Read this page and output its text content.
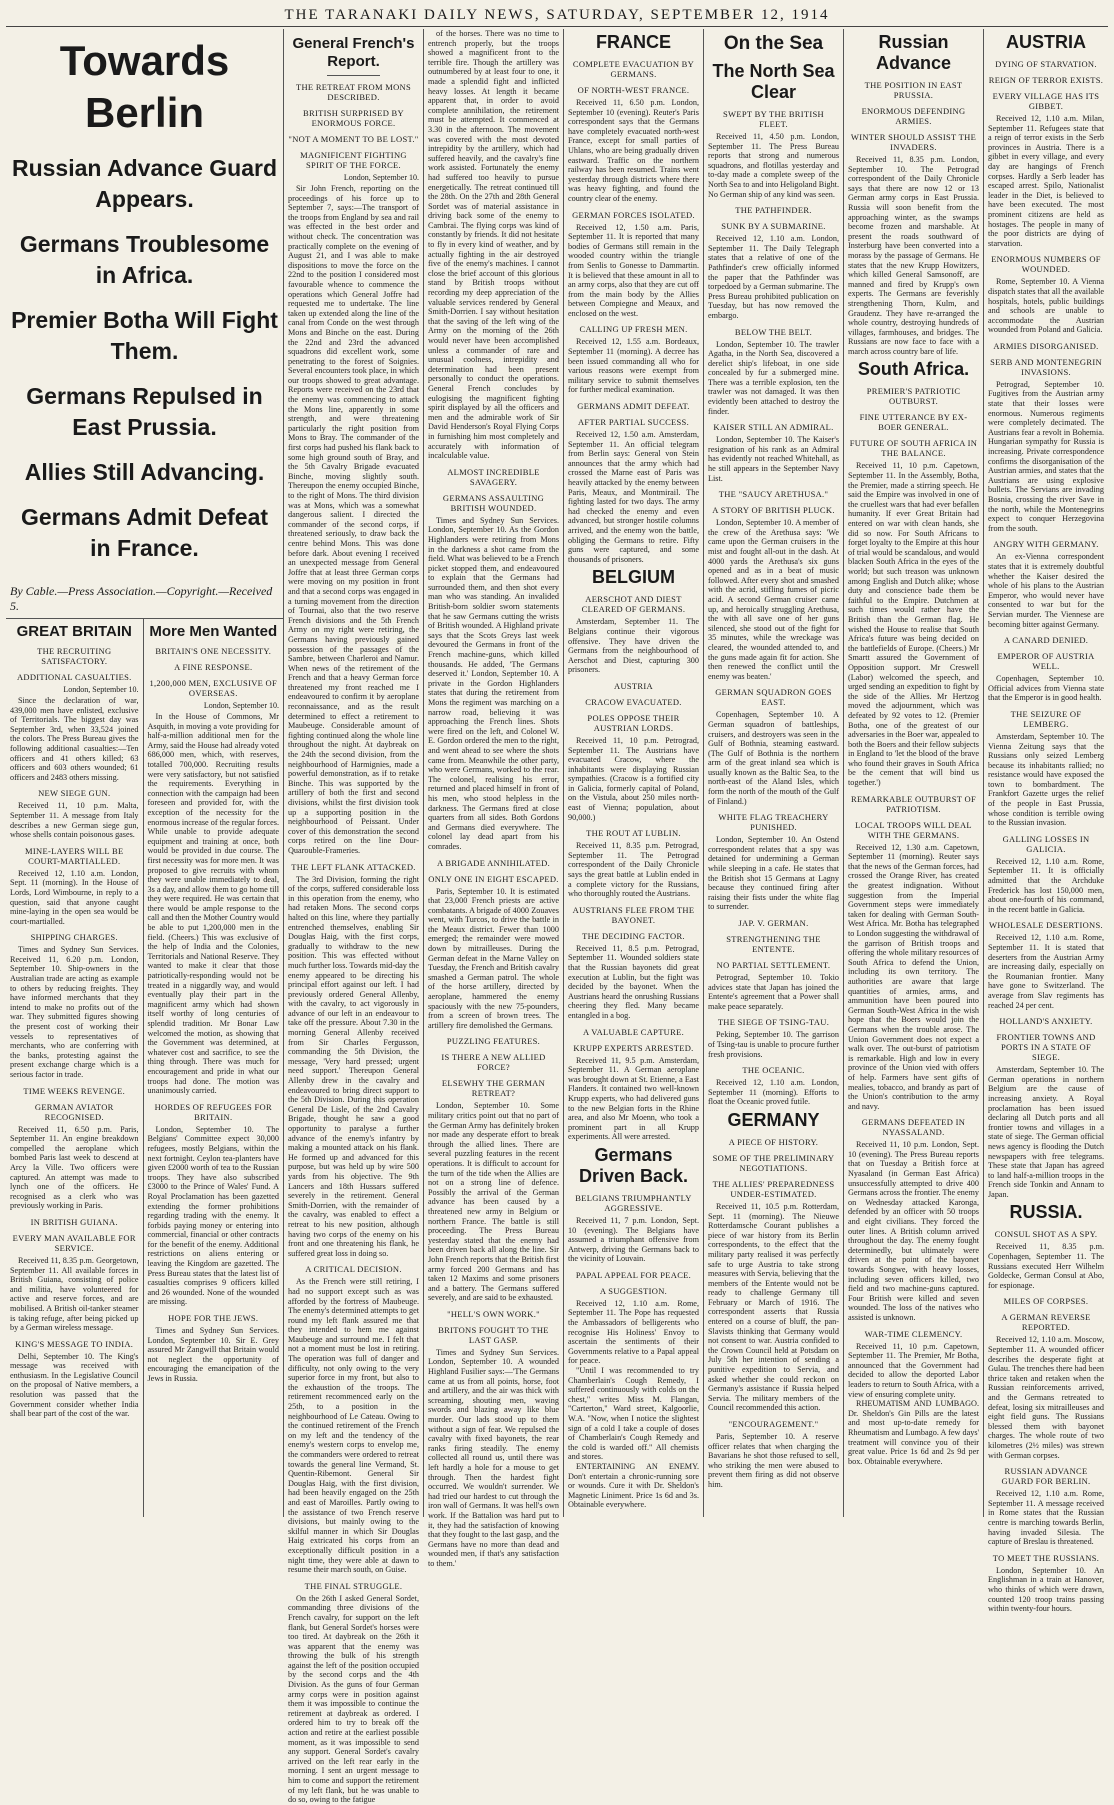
THE TARANAKI DAILY NEWS, SATURDAY, SEPTEMBER 12, 1914
Towards Berlin
Russian Advance Guard Appears.
Germans Troublesome in Africa.
Premier Botha Will Fight Them.
Germans Repulsed in East Prussia.
Allies Still Advancing.
Germans Admit Defeat in France.
By Cable.—Press Association.—Copyright.—Received 5.
GREAT BRITAIN
THE RECRUITING SATISFACTORY.
ADDITIONAL CASUALTIES.
London, September 10.

Since the declaration of war, 439,000 men have enlisted, exclusive of Territorials. The biggest day was September 3rd, when 33,524 joined the colors. The Press Bureau gives the following additional casualties:—Ten officers and 41 others killed; 63 officers and 603 others wounded; 61 officers and 2483 others missing.

NEW SIEGE GUN.

Received 11, 10 p.m. Malta, September 11. A message from Italy describes a new German siege gun, whose shells contain poisonous gases.

MINE-LAYERS WILL BE COURT-MARTIALLED.

Received 12, 1.10 a.m. London, Sept. 11 (morning). In the House of Lords, Lord Wimbourne, in reply to a question, said that anyone caught mine-laying in the open sea would be court-martialled.

SHIPPING CHARGES.

Times and Sydney Sun Services. Received 11, 6.20 p.m. London, September 10. Ship-owners in the Australian trade are acting as example to others by reducing freights. They have informed merchants that they intend to make no profits out of the war. They submitted figures showing the present cost of working their vessels to representatives of merchants, who are conferring with the banks, protesting against the present exchange charge which is a serious factor in trade.

TIME WEEKS REVENGE.
GERMAN AVIATOR RECOGNISED.

Received 11, 6.50 p.m. Paris, September 11. An engine breakdown compelled the aeroplane which bombed Paris last week to descend at Arcy la Ville. Two officers were captured. An attempt was made to lynch one of the officers. He recognised as a clerk who was previously working in Paris.

IN BRITISH GUIANA.
EVERY MAN AVAILABLE FOR SERVICE.

Received 11, 8.35 p.m. Georgetown, September 11. All available forces in British Guiana, consisting of police and militia, have volunteered for active and reserve forces, and are mobilised. A British oil-tanker steamer is taking refuge, after being picked up by a German wireless message.

KING'S MESSAGE TO INDIA.

Delhi, September 10. The King's message was received with enthusiasm. In the Legislative Council on the proposal of Native members, a resolution was passed that the Government consider whether India shall bear part of the cost of the war.

More Men Wanted
BRITAIN'S ONE NECESSITY.
A FINE RESPONSE.
1,200,000 MEN, EXCLUSIVE OF OVERSEAS.
London, September 10.

In the House of Commons, Mr Asquith, in moving a vote providing for half-a-million additional men for the Army, said the House had already voted 686,000 men, which, with reserves, totalled 700,000. Recruiting results were very satisfactory, but not satisfied the requirements. Everything in connection with the campaign had been foreseen and provided for, with the exception of the necessity for the enormous increase of the regular forces. While unable to provide adequate equipment and training at once, both would be provided in due course. The first necessity was for more men. It was proposed to give recruits with whom they were unable immediately to deal, 3s a day, and allow them to go home till they were required. He was certain that there would be ample response to the call and then the Mother Country would be able to put 1,200,000 men in the field. (Cheers.) This was exclusive of the help of India and the Colonies, Territorials and National Reserve. They wanted to make it clear that those patriotically-responding would not be treated in a niggardly way, and would eventually play their part in the magnificent army which had shown itself worthy of long centuries of splendid tradition. Mr Bonar Law welcomed the motion, as showing that the Government was determined, at whatever cost and sacrifice, to see the thing through. There was much for encouragement and pride in what our troops had done. The motion was unanimously carried.

HORDES OF REFUGEES FOR BRITAIN.

London, September 10. The Belgians' Committee expect 30,000 refugees, mostly Belgians, within the next fortnight. Ceylon tea-planters have given £2000 worth of tea to the Russian troops. They have also subscribed £3000 to the Prince of Wales' Fund. A Royal Proclamation has been gazetted extending the former prohibitions regarding trading with the enemy. It forbids paying money or entering into commercial, financial or other contracts for the benefit of the enemy. Additional restrictions on aliens entering or leaving the Kingdom are gazetted. The Press Bureau states that the latest list of casualties comprises 9 officers killed and 26 wounded. None of the wounded are missing.

HOPE FOR THE JEWS.

Times and Sydney Sun Services. London, September 10. Sir E. Grey assured Mr Zangwill that Britain would not neglect the opportunity of encouraging the emancipation of the Jews in Russia.

General French's Report.
THE RETREAT FROM MONS DESCRIBED.
BRITISH SURPRISED BY ENORMOUS FORCE.
"NOT A MOMENT TO BE LOST."
MAGNIFICENT FIGHTING SPIRIT OF THE FORCE.
London, September 10.

Sir John French, reporting on the proceedings of his force up to September 7, says:—The transport of the troops from England by sea and rail was effected in the best order and without check. The concentration was practically complete on the evening of August 21, and I was able to make dispositions to move the force on the 22nd to the position I considered most favourable whence to commence the operations which General Joffre had requested me to undertake. The line taken up extended along the line of the canal from Conde on the west through Mons and Binche on the east. During the 22nd and 23rd the advanced squadrons did excellent work, some penetrating to the forest of Soignies. Several encounters took place, in which our troops showed to great advantage. Reports were received on the 23rd that the enemy was commencing to attack the Mons line, apparently in some strength, and were threatening particularly the right position from Mons to Bray. The commander of the first corps had pushed his flank back to some high ground south of Bray, and the 5th Cavalry Brigade evacuated Binche, moving slightly south. Thereupon the enemy occupied Binche, to the right of Mons. The third division was at Mons, which was a somewhat dangerous salient. I directed the commander of the second corps, if threatened seriously, to draw back the centre behind Mons. This was done before dark. About evening I received an unexpected message from General Joffre that at least three German corps were moving on my position in front and that a second corps was engaged in a turning movement from the direction of Tournai, also that the two reserve French divisions and the 5th French Army on my right were retiring, the Germans having previously gained possession of the passages of the Sambre, between Charleroi and Namur. When news of the retirement of the French and that a heavy German force threatened my front reached me I endeavoured to confirm it by aeroplane reconnaissance, and as the result determined to effect a retirement to Maubeuge. Considerable amount of fighting continued along the whole line throughout the night. At daybreak on the 24th the second division, from the neighbourhood of Harmignies, made a powerful demonstration, as if to retake Binche. This was supported by the artillery of both the first and second divisions, whilst the first division took up a supporting position in the neighbourhood of Peissant. Under cover of this demonstration the second corps retired on the line Dour-Quarouble-Frameries.

THE LEFT FLANK ATTACKED.

The 3rd Division, forming the right of the corps, suffered considerable loss in this operation from the enemy, who had retaken Mons. The second corps halted on this line, where they partially entrenched themselves, enabling Sir Douglas Haig, with the first corps, gradually to withdraw to the new position. This was effected without much further loss. Towards mid-day the enemy appeared to be directing his principal effort against our left. I had previously ordered General Allenby, with the cavalry, to act vigorously in advance of our left in an endeavour to take off the pressure. About 7.30 in the morning General Allenby received from Sir Charles Fergusson, commanding the 5th Division, the message, 'Very hard pressed; urgent need support.' Thereupon General Allenby drew in the cavalry and endeavoured to bring direct support to the 5th Division. During this operation General De Lisle, of the 2nd Cavalry Brigade, thought he saw a good opportunity to paralyse a further advance of the enemy's infantry by making a mounted attack on his flank. He formed up and advanced for this purpose, but was held up by wire 500 yards from his objective. The 9th Lancers and 18th Hussars suffered severely in the retirement. General Smith-Dorrien, with the remainder of the cavalry, was enabled to effect a retreat to his new position, although having two corps of the enemy on his front and one threatening his flank, he suffered great loss in doing so.

A CRITICAL DECISION.

As the French were still retiring, I had no support except such as was afforded by the fortress of Maubeuge. The enemy's determined attempts to get round my left flank assured me that they intended to hem me against Maubeuge and surround me. I felt that not a moment must be lost in retiring. The operation was full of danger and difficulty, not only owing to the very superior force in my front, but also to the exhaustion of the troops. The retirement recommenced early on the 25th, to a position in the neighbourhood of Le Cateau. Owing to the continued retirement of the French on my left and the tendency of the enemy's western corps to envelop me, the commanders were ordered to retreat towards the general line Vermand, St. Quentin-Ribemont. General Sir Douglas Haig, with the first division, had been heavily engaged on the 25th and east of Maroilles. Partly owing to the assistance of two French reserve divisions, but mainly owing to the skilful manner in which Sir Douglas Haig extricated his corps from an exceptionally difficult position in a night time, they were able at dawn to resume their march south, on Guise.

THE FINAL STRUGGLE.

On the 26th I asked General Sordet, commanding three divisions of the French cavalry, for support on the left flank, but General Sordet's horses were too tired. At daybreak on the 26th it was apparent that the enemy was throwing the bulk of his strength against the left of the position occupied by the second corps and the 4th Division. As the guns of four German army corps were in position against them it was impossible to continue the retirement at daybreak as ordered. I ordered him to try to break off the action and retire at the earliest possible moment, as it was impossible to send any support. General Sordet's cavalry arrived on the left rear early in the morning. I sent an urgent message to him to come and support the retirement of my left flank, but he was unable to do so, owing to the fatigue

of the horses. There was no time to entrench properly, but the troops showed a magnificent front to the terrible fire. Though the artillery was outnumbered by at least four to one, it made a splendid fight and inflicted heavy losses. At length it became apparent that, in order to avoid complete annihilation, the retirement must be attempted. It commenced at 3.30 in the afternoon. The movement was covered with the most devoted intrepidity by the artillery, which had suffered heavily, and the cavalry's fine work assisted. Fortunately the enemy had suffered too heavily to pursue energetically. The retreat continued till the 28th. On the 27th and 28th General Sordet was of material assistance in driving back some of the enemy to Cambrai. The flying corps was kind of constantly by friends. It did not hesitate to fly in every kind of weather, and by actually fighting in the air destroyed five of the enemy's machines. I cannot close the brief account of this glorious stand by British troops without recording my deep appreciation of the valuable services rendered by General Smith-Dorrien. I say without hesitation that the saving of the left wing of the Army on the morning of the 26th would never have been accomplished unless a commander of rare and unusual coolness, intrepidity and determination had been present personally to conduct the operations. General French concludes by eulogising the magnificent fighting spirit displayed by all the officers and men and the admirable work of Sir David Henderson's Royal Flying Corps in furnishing him most completely and accurately with information of incalculable value.

ALMOST INCREDIBLE SAVAGERY.
GERMANS ASSAULTING BRITISH WOUNDED.

Times and Sydney Sun Services. London, September 10. As the Gordon Highlanders were retiring from Mons in the darkness a shot came from the field. What was believed to be a French picket stopped them, and endeavoured to explain that the Germans had surrounded them, and then shot every man who was standing. An invalided British-born soldier sworn statements that he saw Germans cutting the wrists of British wounded. A Highland private says that the Scots Greys last week devoured the Germans in front of the French machine-guns, which killed thousands. He added, 'The Germans deserved it.' London, September 10. A private in the Gordon Highlanders states that during the retirement from Mons the regiment was marching on a narrow road, believing it was approaching the French lines. Shots were fired on the left, and Colonel W. E. Gordon ordered the men to the right, and went ahead to see where the shots came from. Meanwhile the other party, who were Germans, worked to the rear. The colonel, realising his error, returned and placed himself in front of his men, who stood helpless in the darkness. The Germans fired at close quarters from all sides. Both Gordons and Germans died everywhere. The colonel lay dead apart from his comrades.

A BRIGADE ANNIHILATED.
ONLY ONE IN EIGHT ESCAPED.

Paris, September 10. It is estimated that 23,000 French priests are active combatants. A brigade of 4000 Zouaves went, with Turcos, to drive the battle in the Meaux district. Fewer than 1000 emerged; the remainder were mowed down by mitrailleuses. During the German defeat in the Marne Valley on Tuesday, the French and British cavalry smashed a German patrol. The whole of the horse artillery, directed by aeroplane, hammered the enemy spaciously with the new 75-pounders, from a screen of brown trees. The artillery fire demolished the Germans.

PUZZLING FEATURES.
IS THERE A NEW ALLIED FORCE?
ELSEWHY THE GERMAN RETREAT?

London, September 10. Some military critics point out that no part of the German Army has definitely broken nor made any desperate effort to break through the allied lines. There are several puzzling features in the recent operations. It is difficult to account for the turn of the tide when the Allies are not on a strong line of defence. Possibly the arrival of the German advance has been caused by a threatened new army in Belgium or northern France. The battle is still proceeding. The Press Bureau yesterday stated that the enemy had been driven back all along the line. Sir John French reports that the British first army forced 200 Germans and has taken 12 Maxims and some prisoners and a battery. The Germans suffered severely, and are said to be exhausted.

"HELL'S OWN WORK."
BRITONS FOUGHT TO THE LAST GASP.

Times and Sydney Sun Services. London, September 10. A wounded Highland Fusilier says:—'The Germans came at us from all points, horse, foot and artillery, and the air was thick with screaming, shouting men, waving swords and blazing away like blue murder. Our lads stood up to them without a sign of fear. We repulsed the cavalry with fixed bayonets, the rear ranks firing steadily. The enemy collected all round us, until there was left hardly a hole for a mouse to get through. Then the hardest fight occurred. We wouldn't surrender. We had tried our hardest to cut through the iron wall of Germans. It was hell's own work. If the Battalion was hard put to it, they had the satisfaction of knowing that they fought to the last gasp, and the Germans have no more than dead and wounded men, if that's any satisfaction to them.'

FRANCE
COMPLETE EVACUATION BY GERMANS.
OF NORTH-WEST FRANCE.

Received 11, 6.50 p.m. London, September 10 (evening). Reuter's Paris correspondent says that the Germans have completely evacuated north-west France, except for small parties of Uhlans, who are being gradually driven eastward. Traffic on the northern railway has been resumed. Trains went yesterday through districts where there was heavy fighting, and found the country clear of the enemy.

GERMAN FORCES ISOLATED.

Received 12, 1.50 a.m. Paris, September 11. It is reported that many bodies of Germans still remain in the wooded country within the triangle from Senlis to Gonesse to Dammartin. It is believed that these amount in all to an army corps, also that they are cut off from the main body by the Allies between Compiegne and Meaux, and enclosed on the west.

CALLING UP FRESH MEN.

Received 12, 1.55 a.m. Bordeaux, September 11 (morning). A decree has been issued commanding all who for various reasons were exempt from military service to submit themselves for further medical examination.

GERMANS ADMIT DEFEAT.
AFTER PARTIAL SUCCESS.

Received 12, 1.50 a.m. Amsterdam, September 11. An official telegram from Berlin says: General von Stein announces that the army which had crossed the Marne east of Paris was heavily attacked by the enemy between Paris, Meaux, and Montmirail. The fighting lasted for two days. The army had checked the enemy and even advanced, but stronger hostile columns arrived, and the enemy won the battle, obliging the Germans to retire. Fifty guns were captured, and some thousands of prisoners.

BELGIUM
AERSCHOT AND DIEST CLEARED OF GERMANS.

Amsterdam, September 11. The Belgians continue their vigorous offensive. They have driven the Germans from the neighbourhood of Aerschot and Diest, capturing 300 prisoners.

AUSTRIA
CRACOW EVACUATED.
POLES OPPOSE THEIR AUSTRIAN LORDS.

Received 11, 10 p.m. Petrograd, September 11. The Austrians have evacuated Cracow, where the inhabitants were displaying Russian sympathies. (Cracow is a fortified city in Galicia, formerly capital of Poland, on the Vistula, about 250 miles north-east of Vienna; population, about 90,000.)

THE ROUT AT LUBLIN.

Received 11, 8.35 p.m. Petrograd, September 11. The Petrograd correspondent of the Daily Chronicle says the great battle at Lublin ended in a complete victory for the Russians, who thoroughly routed the Austrians.

AUSTRIANS FLEE FROM THE BAYONET.
THE DECIDING FACTOR.

Received 11, 8.5 p.m. Petrograd, September 11. Wounded soldiers state that the Russian bayonets did great execution at Lublin, but the fight was decided by the bayonet. When the Austrians heard the onrushing Russians cheering they fled. Many became entangled in a bog.

A VALUABLE CAPTURE.
KRUPP EXPERTS ARRESTED.

Received 11, 9.5 p.m. Amsterdam, September 11. A German aeroplane was brought down at St. Etienne, a East Flanders. It contained two well-known Krupp experts, who had delivered guns to the new Belgian forts in the Rhine area, and also Mr Moenn, who took a prominent part in all Krupp experiments. All were arrested.

Germans Driven Back.
BELGIANS TRIUMPHANTLY AGGRESSIVE.

Received 11, 7 p.m. London, Sept. 10 (evening). The Belgians have assumed a triumphant offensive from Antwerp, driving the Germans back to the vicinity of Louvain.

PAPAL APPEAL FOR PEACE.
A SUGGESTION.

Received 12, 1.10 a.m. Rome, September 11. The Pope has requested the Ambassadors of belligerents who recognise His Holiness' Envoy to ascertain the sentiments of their Governments relative to a Papal appeal for peace.

"Until I was recommended to try Chamberlain's Cough Remedy, I suffered continuously with colds on the chest," writes Miss M. Flangan, "Carterton," Ward street, Kalgoorlie, W.A. "Now, when I notice the slightest sign of a cold I take a couple of doses of Chamberlain's Cough Remedy and the cold is warded off." All chemists and stores.

ENTERTAINING AN ENEMY. Don't entertain a chronic-running sore or wounds. Cure it with Dr. Sheldon's Magnetic Liniment. Price 1s 6d and 3s. Obtainable everywhere.

On the Sea
The North Sea Clear
SWEPT BY THE BRITISH FLEET.

Received 11, 4.50 p.m. London, September 11. The Press Bureau reports that strong and numerous squadrons, and flotillas yesterday and to-day made a complete sweep of the North Sea to and into Heligoland Bight. No German ship of any kind was seen.

THE PATHFINDER.
SUNK BY A SUBMARINE.

Received 12, 1.10 a.m. London, September 11. The Daily Telegraph states that a relative of one of the Pathfinder's crew officially informed the paper that the Pathfinder was torpedoed by a German submarine. The Press Bureau prohibited publication on Tuesday, but has now removed the embargo.

BELOW THE BELT.

London, September 10. The trawler Agatha, in the North Sea, discovered a derelict ship's lifeboat, in one side concealed by fur a submerged mine. There was a terrible explosion, ten the trawler was not damaged. It was then evidently been attached to destroy the finder.

KAISER STILL AN ADMIRAL.

London, September 10. The Kaiser's resignation of his rank as an Admiral has evidently not reached Whitehall, as he still appears in the September Navy List.

THE "SAUCY ARETHUSA."
A STORY OF BRITISH PLUCK.

London, September 10. A member of the crew of the Arethusa says: 'We came upon the German cruisers in the mist and fought all-out in the dash. At 4000 yards the Arethusa's six guns opened and as in a beat of music followed. After every shot and smashed with the acrid, stifling fumes of picric acid. A second German cruiser came up, and heroically struggling Arethusa, the with all save one of her guns silenced, she stood out of the fight for 35 minutes, while the wreckage was cleared, the wounded attended to, and the guns made again fit for action. She then renewed the conflict until the enemy was beaten.'

GERMAN SQUADRON GOES EAST.

Copenhagen, September 10. A German squadron of battleships, cruisers, and destroyers was seen in the Gulf of Bothnia, steaming eastward. (The Gulf of Bothnia is the northern arm of the great inland sea which is usually known as the Baltic Sea, to the north-east of the Aland Isles, which form the north of the mouth of the Gulf of Finland.)

WHITE FLAG TREACHERY PUNISHED.

London, September 10. An Ostend correspondent relates that a spy was detained for undermining a German while sleeping in a cafe. He states that the British shot 15 Germans at Lagny because they continued firing after raising their fists under the white flag to surrender.

JAP. V. GERMAN.
STRENGTHENING THE ENTENTE.
NO PARTIAL SETTLEMENT.

Petrograd, September 10. Tokio advices state that Japan has joined the Entente's agreement that a Power shall make peace separately.

THE SIEGE OF TSING-TAU.

Peking, September 10. The garrison of Tsing-tau is unable to procure further fresh provisions.

THE OCEANIC.

Received 12, 1.10 a.m. London, September 11 (morning). Efforts to float the Oceanic proved futile.

GERMANY
A PIECE OF HISTORY.
SOME OF THE PRELIMINARY NEGOTIATIONS.
THE ALLIES' PREPAREDNESS UNDER-ESTIMATED.

Received 11, 10.5 p.m. Rotterdam, Sept. 11 (morning). The Nieuwe Rotterdamsche Courant publishes a piece of war history from its Berlin correspondents, to the effect that the military party realised it was perfectly safe to urge Austria to take strong measures with Servia, believing that the members of the Entente would not be ready to challenge Germany till February or March of 1916. The correspondent asserts that Russia entered on a course of bluff, the pan-Slavists thinking that Germany would not consent to war. Austria confided to the Crown Council held at Potsdam on July 5th her intention of sending a punitive expedition to Servia, and asked whether she could reckon on Germany's assistance if Russia helped Servia. The military members of the Council recommended this action.

"ENCOURAGEMENT."

Paris, September 10. A reserve officer relates that when charging the Bavarians he shot those refused to sell, who striking the men were abused to prevent them firing as did not observe him.

Russian Advance
THE POSITION IN EAST PRUSSIA.
ENORMOUS DEFENDING ARMIES.
WINTER SHOULD ASSIST THE INVADERS.

Received 11, 8.35 p.m. London, September 10. The Petrograd correspondent of the Daily Chronicle says that there are now 12 or 13 German army corps in East Prussia. Russia will soon benefit from the approaching winter, as the swamps become frozen and marshable. At present the roads southward of Insterburg have been converted into a morass by the passage of Germans. He states that the new Krupp Howitzers, which killed General Samsonoff, are manned and fired by Krupp's own experts. The Germans are feverishly strengthening Thorn, Kulm, and Graudenz. They have re-arranged the whole country, destroying hundreds of villages, farmhouses, and bridges. The Russians are now face to face with a march across country bare of life.

South Africa.
PREMIER'S PATRIOTIC OUTBURST.
FINE UTTERANCE BY EX-BOER GENERAL.
FUTURE OF SOUTH AFRICA IN THE BALANCE.

Received 11, 10 p.m. Capetown, September 11. In the Assembly, Botha, the Premier, made a stirring speech. He said the Empire was involved in one of the cruellest wars that had ever befallen humanity. If ever Great Britain had entered on war with clean hands, she did so now. For South Africans to forget loyalty to the Empire at this hour of trial would be scandalous, and would blacken South Africa in the eyes of the world; but such treason was unknown among English and Dutch alike; whose duty and conscience bade them be faithful to the Empire. Dutchmen at such times would rather have the British than the German flag. He wished the House to realise that South Africa's future was being decided on the battlefields of Europe. (Cheers.) Mr Smartt assured the Government of Opposition support. Mr Creswell (Labor) welcomed the speech, and urged sending an expedition to fight by the side of the Allies. Mr Hertzog moved the adjournment, which was defeated by 92 votes to 12. (Premier Botha, one of the greatest of our adversaries in the Boer war, appealed to both the Boers and their fellow subjects in England to 'let the blood of the brave who found their graves in South Africa be the cement that will bind us together.')

REMARKABLE OUTBURST OF PATRIOTISM.
LOCAL TROOPS WILL DEAL WITH THE GERMANS.

Received 12, 1.30 a.m. Capetown, September 11 (morning). Reuter says that the news of the German forces, had crossed the Orange River, has created the greatest indignation. Without suggestion from the Imperial Government steps were immediately taken for dealing with German South-West Africa. Mr. Botha has telegraphed to London suggesting the withdrawal of the garrison of British troops and offering the whole military resources of South Africa to defend the Union, including its own territory. The authorities are aware that large quantities of armies, arms, and ammunition have been poured into German South-West Africa in the wish hope that the Boers would join the Germans when the trouble arose. The Union Government does not expect a walk over. The out-burst of patriotism is remarkable. High and low in every province of the Union vied with offers of help. Farmers have sent gifts of mealies, tobacco, and brandy as part of the Union's contribution to the army and navy.

GERMANS DEFEATED IN NYASSALAND.

Received 11, 10 p.m. London, Sept. 10 (evening). The Press Bureau reports that on Tuesday a British force at Nyasaland (in German East Africa) unsuccessfully attempted to drive 400 Germans across the frontier. The enemy on Wednesday attacked Karonga, defended by an officer with 50 troops and eight civilians. They forced the outer lines. A British column arrived throughout the day. The enemy fought determinedly, but ultimately were driven at the point of the bayonet towards Songwe, with heavy losses, including seven officers killed, two field and two machine-guns captured. Four British were killed and seven wounded. The loss of the natives who assisted is unknown.

WAR-TIME CLEMENCY.

Received 11, 10 p.m. Capetown, September 11. The Premier, Mr Botha, announced that the Government had decided to allow the deported Labor leaders to return to South Africa, with a view of ensuring complete unity.

RHEUMATISM AND LUMBAGO. Dr. Sheldon's Gin Pills are the latest and most up-to-date remedy for Rheumatism and Lumbago. A few days' treatment will convince you of their great value. Price 1s 6d and 2s 9d per box. Obtainable everywhere.

AUSTRIA
DYING OF STARVATION.
REIGN OF TERROR EXISTS.
EVERY VILLAGE HAS ITS GIBBET.

Received 12, 1.10 a.m. Milan, September 11. Refugees state that a reign of terror exists in the Serb provinces in Austria. There is a gibbet in every village, and every day are hangings of French corpses. Hardly a Serb leader has escaped arrest. Spilo, Nationalist leader in the Diet, is believed to have been executed. The most prominent citizens are held as hostages. The people in many of the poor districts are dying of starvation.

ENORMOUS NUMBERS OF WOUNDED.

Rome, September 10. A Vienna dispatch states that all the available hospitals, hotels, public buildings and schools are unable to accommodate the Austrian wounded from Poland and Galicia.

ARMIES DISORGANISED.
SERB AND MONTENEGRIN INVASIONS.

Petrograd, September 10. Fugitives from the Austrian army state that their losses were enormous. Numerous regiments were completely decimated. The Austrians fear a revolt in Bohemia. Hungarian sympathy for Russia is increasing. Private correspondence confirms the disorganisation of the Austrian armies, and states that the Austrians are using explosive bullets. The Servians are invading Bosnia, crossing the river Save in the north, while the Montenegrins expect to conquer Herzegovina from the south.

ANGRY WITH GERMANY.

An ex-Vienna correspondent states that it is extremely doubtful whether the Kaiser desired the whole of his plans to the Austrian Emperor, who would never have consented to war but for the Servian murder. The Viennese are becoming bitter against Germany.

A CANARD DENIED.
EMPEROR OF AUSTRIA WELL.

Copenhagen, September 10. Official advices from Vienna state that the Emperor is in good health.

THE SEIZURE OF LEMBERG.

Amsterdam, September 10. The Vienna Zeitung says that the Russians only seized Lemberg because its inhabitants rallied; no resistance would have exposed the town to bombardment. The Frankfort Gazette urges the relief of the people in East Prussia, whose condition is terrible owing to the Russian invasion.

GALLING LOSSES IN GALICIA.

Received 12, 1.10 a.m. Rome, September 11. It is officially admitted that the Archduke Frederick has lost 150,000 men, about one-fourth of his command, in the recent battle in Galicia.

WHOLESALE DESERTIONS.

Received 12, 1.10 a.m. Rome, September 11. It is stated that deserters from the Austrian Army are increasing daily, especially on the Roumanian frontier. Many have gone to Switzerland. The average from Slav regiments has reached 24 per cent.

HOLLAND'S ANXIETY.
FRONTIER TOWNS AND PORTS IN A STATE OF SIEGE.

Amsterdam, September 10. The German operations in northern Belgium are the cause of increasing anxiety. A Royal proclamation has been issued declaring all Dutch ports and all frontier towns and villages in a state of siege. The German official news agency is flooding the Dutch newspapers with free telegrams. These state that Japan has agreed to land half-a-million troops in the French side Tonkin and Annam to Japan.

RUSSIA.
CONSUL SHOT AS A SPY.

Received 11, 8.35 p.m. Copenhagen, September 11. The Russians executed Herr Wilhelm Goldecke, German Consul at Abo, for espionage.

MILES OF CORPSES.
A GERMAN REVERSE REPORTED.

Received 12, 1.10 a.m. Moscow, September 11. A wounded officer describes the desperate fight at Gulau. The trenches there had been thrice taken and retaken when the Russian reinforcements arrived, and the Germans retreated to defeat, losing six mitrailleuses and eight field guns. The Russians blessed them with bayonet charges. The whole route of two kilometres (2½ miles) was strewn with German corpses.

RUSSIAN ADVANCE GUARD FOR BERLIN.

Received 12, 1.10 a.m. Rome, September 11. A message received in Rome states that the Russian centre is marching towards Berlin, having invaded Silesia. The capture of Breslau is threatened.

TO MEET THE RUSSIANS.

London, September 10. An Englishman in a train at Hanover, who thinks of which were drawn, counted 120 troop trains passing within twenty-four hours.
